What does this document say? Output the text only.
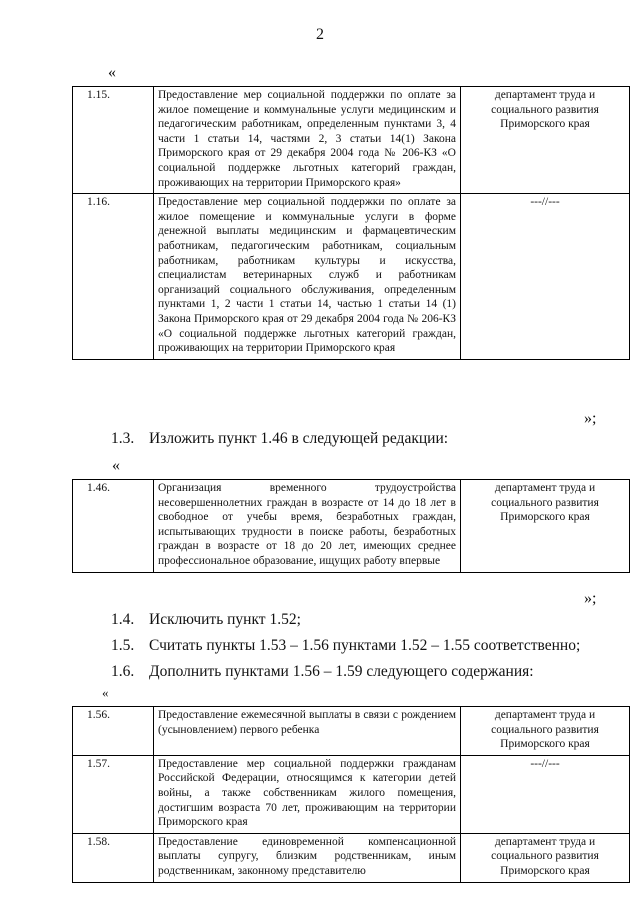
2
«
1.15.	Предоставление мер социальной поддержки по оплате за жилое помещение и коммунальные услуги медицинским и педагогическим работникам, определенным пунктами 3, 4 части 1 статьи 14, частями 2, 3 статьи 14(1) Закона Приморского края от 29 декабря 2004 года № 206-КЗ «О социальной поддержке льготных категорий граждан, проживающих на территории Приморского края»	департамент труда и социального развития Приморского края
1.16.	Предоставление мер социальной поддержки по оплате за жилое помещение и коммунальные услуги в форме денежной выплаты медицинским и фармацевтическим работникам, педагогическим работникам, социальным работникам, работникам культуры и искусства, специалистам ветеринарных служб и работникам организаций социального обслуживания, определенным пунктами 1, 2 части 1 статьи 14, частью 1 статьи 14 (1) Закона Приморского края от 29 декабря 2004 года № 206-КЗ «О социальной поддержке льготных категорий граждан, проживающих на территории Приморского края	---//---
»;
1.3. Изложить пункт 1.46 в следующей редакции:
«
1.46.	Организация временного трудоустройства несовершеннолетних граждан в возрасте от 14 до 18 лет в свободное от учебы время, безработных граждан, испытывающих трудности в поиске работы, безработных граждан в возрасте от 18 до 20 лет, имеющих среднее профессиональное образование, ищущих работу впервые	департамент труда и социального развития Приморского края
»;
1.4. Исключить пункт 1.52;
1.5. Считать пункты 1.53 – 1.56 пунктами 1.52 – 1.55 соответственно;
1.6. Дополнить пунктами 1.56 – 1.59 следующего содержания:
«
1.56.	Предоставление ежемесячной выплаты в связи с рождением (усыновлением) первого ребенка	департамент труда и социального развития Приморского края
1.57.	Предоставление мер социальной поддержки гражданам Российской Федерации, относящимся к категории детей войны, а также собственникам жилого помещения, достигшим возраста 70 лет, проживающим на территории Приморского края	---//---
1.58.	Предоставление единовременной компенсационной выплаты супругу, близким родственникам, иным родственникам, законному представителю	департамент труда и социального развития Приморского края
